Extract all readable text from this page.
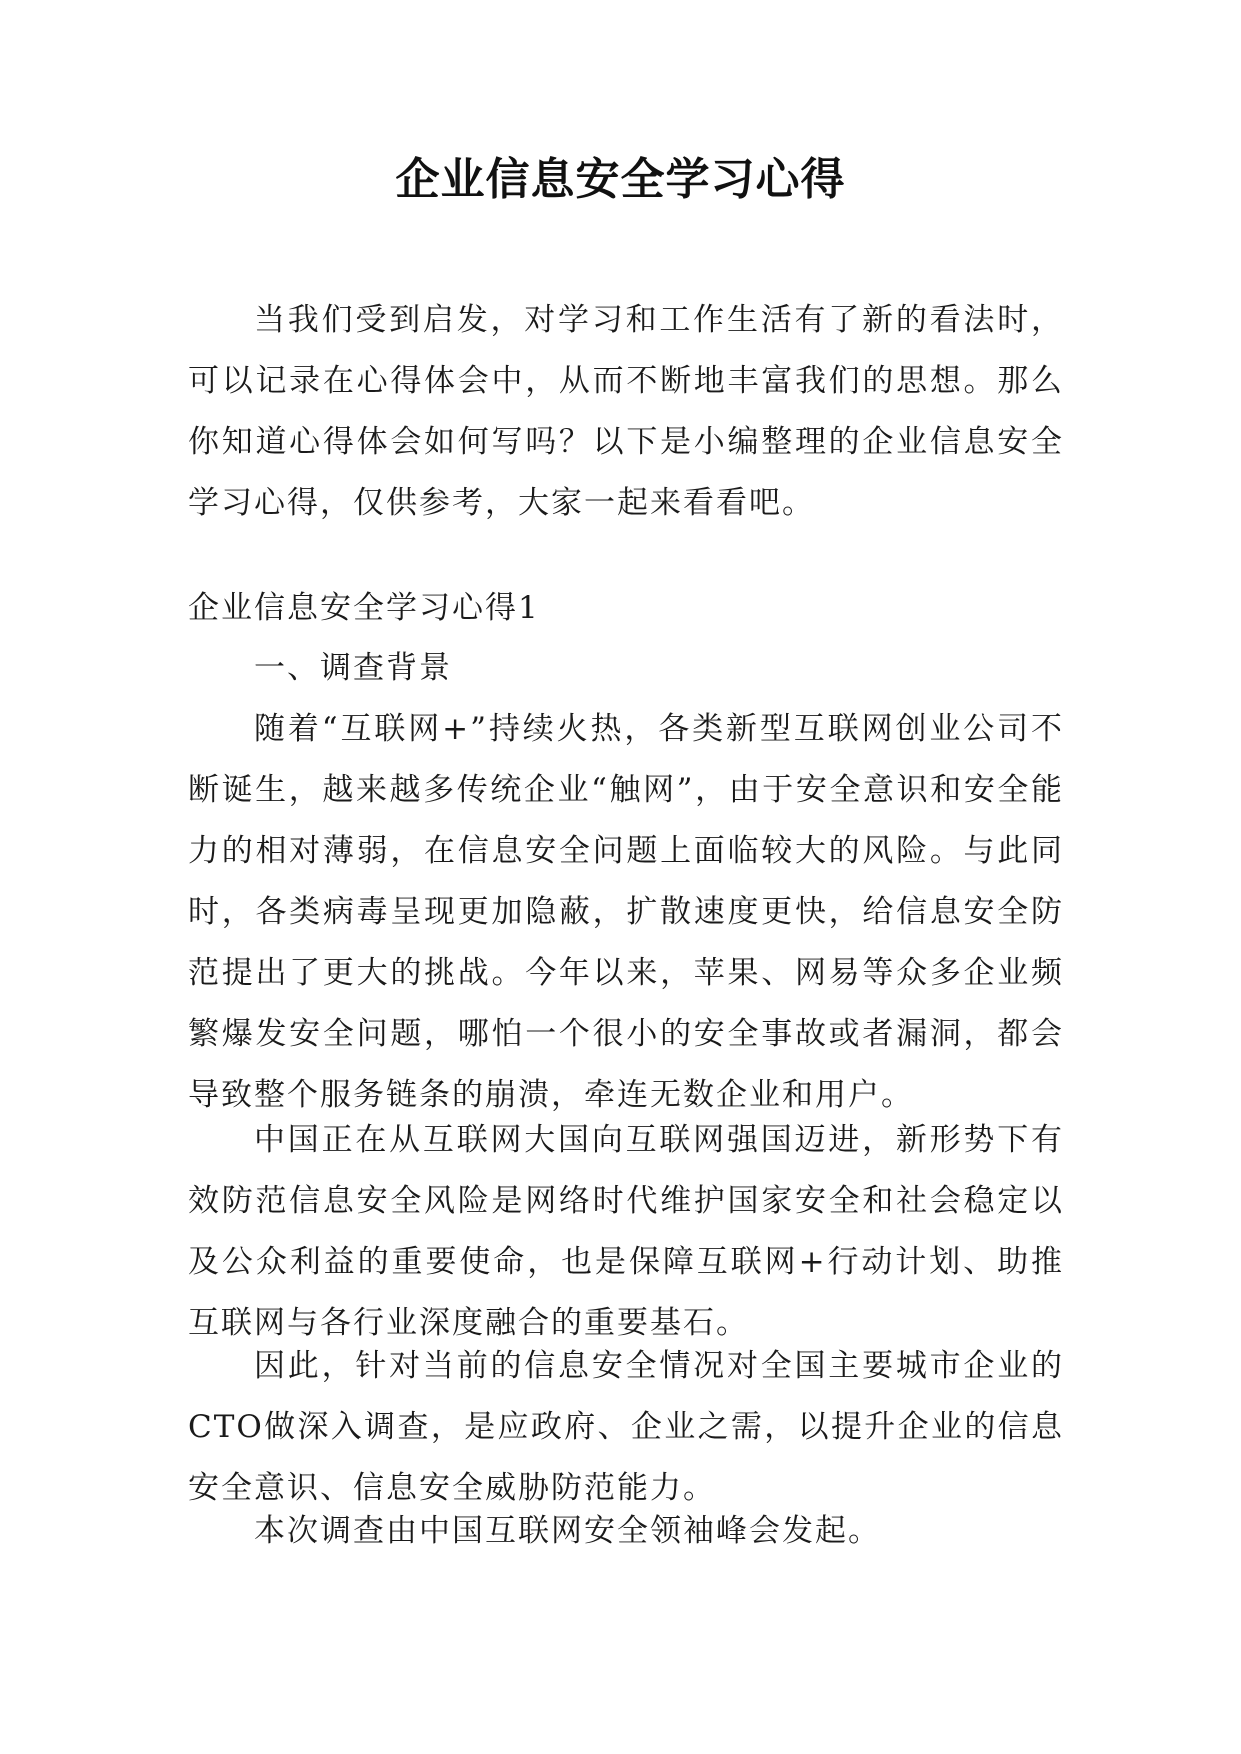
企业信息安全学习心得

当我们受到启发，对学习和工作生活有了新的看法时，可以记录在心得体会中，从而不断地丰富我们的思想。那么你知道心得体会如何写吗？以下是小编整理的企业信息安全学习心得，仅供参考，大家一起来看看吧。

企业信息安全学习心得1

一、调查背景

随着“互联网+”持续火热，各类新型互联网创业公司不断诞生，越来越多传统企业“触网”，由于安全意识和安全能力的相对薄弱，在信息安全问题上面临较大的风险。与此同时，各类病毒呈现更加隐蔽，扩散速度更快，给信息安全防范提出了更大的挑战。今年以来，苹果、网易等众多企业频繁爆发安全问题，哪怕一个很小的安全事故或者漏洞，都会导致整个服务链条的崩溃，牵连无数企业和用户。

中国正在从互联网大国向互联网强国迈进，新形势下有效防范信息安全风险是网络时代维护国家安全和社会稳定以及公众利益的重要使命，也是保障互联网+行动计划、助推互联网与各行业深度融合的重要基石。

因此，针对当前的信息安全情况对全国主要城市企业的CTO做深入调查，是应政府、企业之需，以提升企业的信息安全意识、信息安全威胁防范能力。

本次调查由中国互联网安全领袖峰会发起。
